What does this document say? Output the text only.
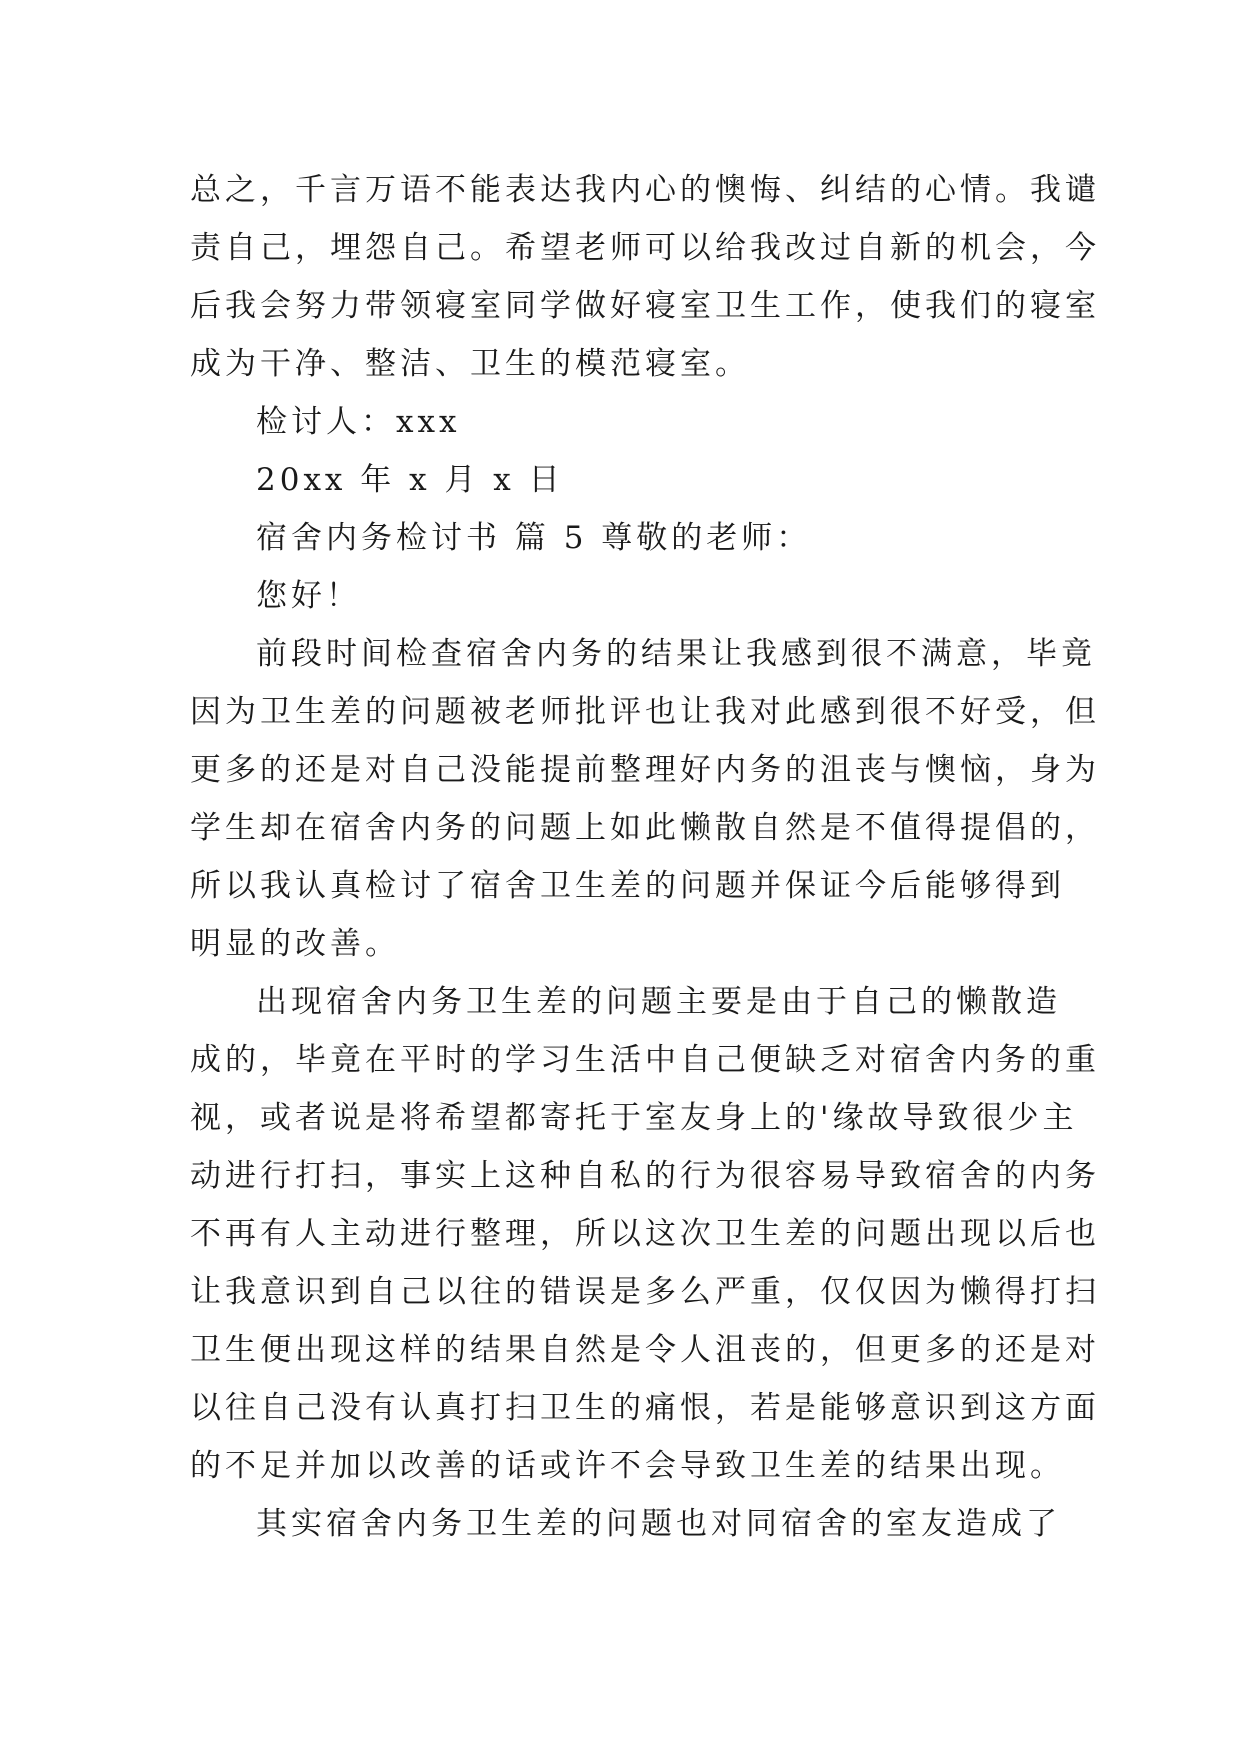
总之，千言万语不能表达我内心的懊悔、纠结的心情。我谴
责自己，埋怨自己。希望老师可以给我改过自新的机会，今
后我会努力带领寝室同学做好寝室卫生工作，使我们的寝室
成为干净、整洁、卫生的模范寝室。
检讨人：xxx
20xx 年 x 月 x 日
宿舍内务检讨书 篇 5 尊敬的老师：
您好！
前段时间检查宿舍内务的结果让我感到很不满意，毕竟
因为卫生差的问题被老师批评也让我对此感到很不好受，但
更多的还是对自己没能提前整理好内务的沮丧与懊恼，身为
学生却在宿舍内务的问题上如此懒散自然是不值得提倡的，
所以我认真检讨了宿舍卫生差的问题并保证今后能够得到
明显的改善。
出现宿舍内务卫生差的问题主要是由于自己的懒散造
成的，毕竟在平时的学习生活中自己便缺乏对宿舍内务的重
视，或者说是将希望都寄托于室友身上的'缘故导致很少主
动进行打扫，事实上这种自私的行为很容易导致宿舍的内务
不再有人主动进行整理，所以这次卫生差的问题出现以后也
让我意识到自己以往的错误是多么严重，仅仅因为懒得打扫
卫生便出现这样的结果自然是令人沮丧的，但更多的还是对
以往自己没有认真打扫卫生的痛恨，若是能够意识到这方面
的不足并加以改善的话或许不会导致卫生差的结果出现。
其实宿舍内务卫生差的问题也对同宿舍的室友造成了
